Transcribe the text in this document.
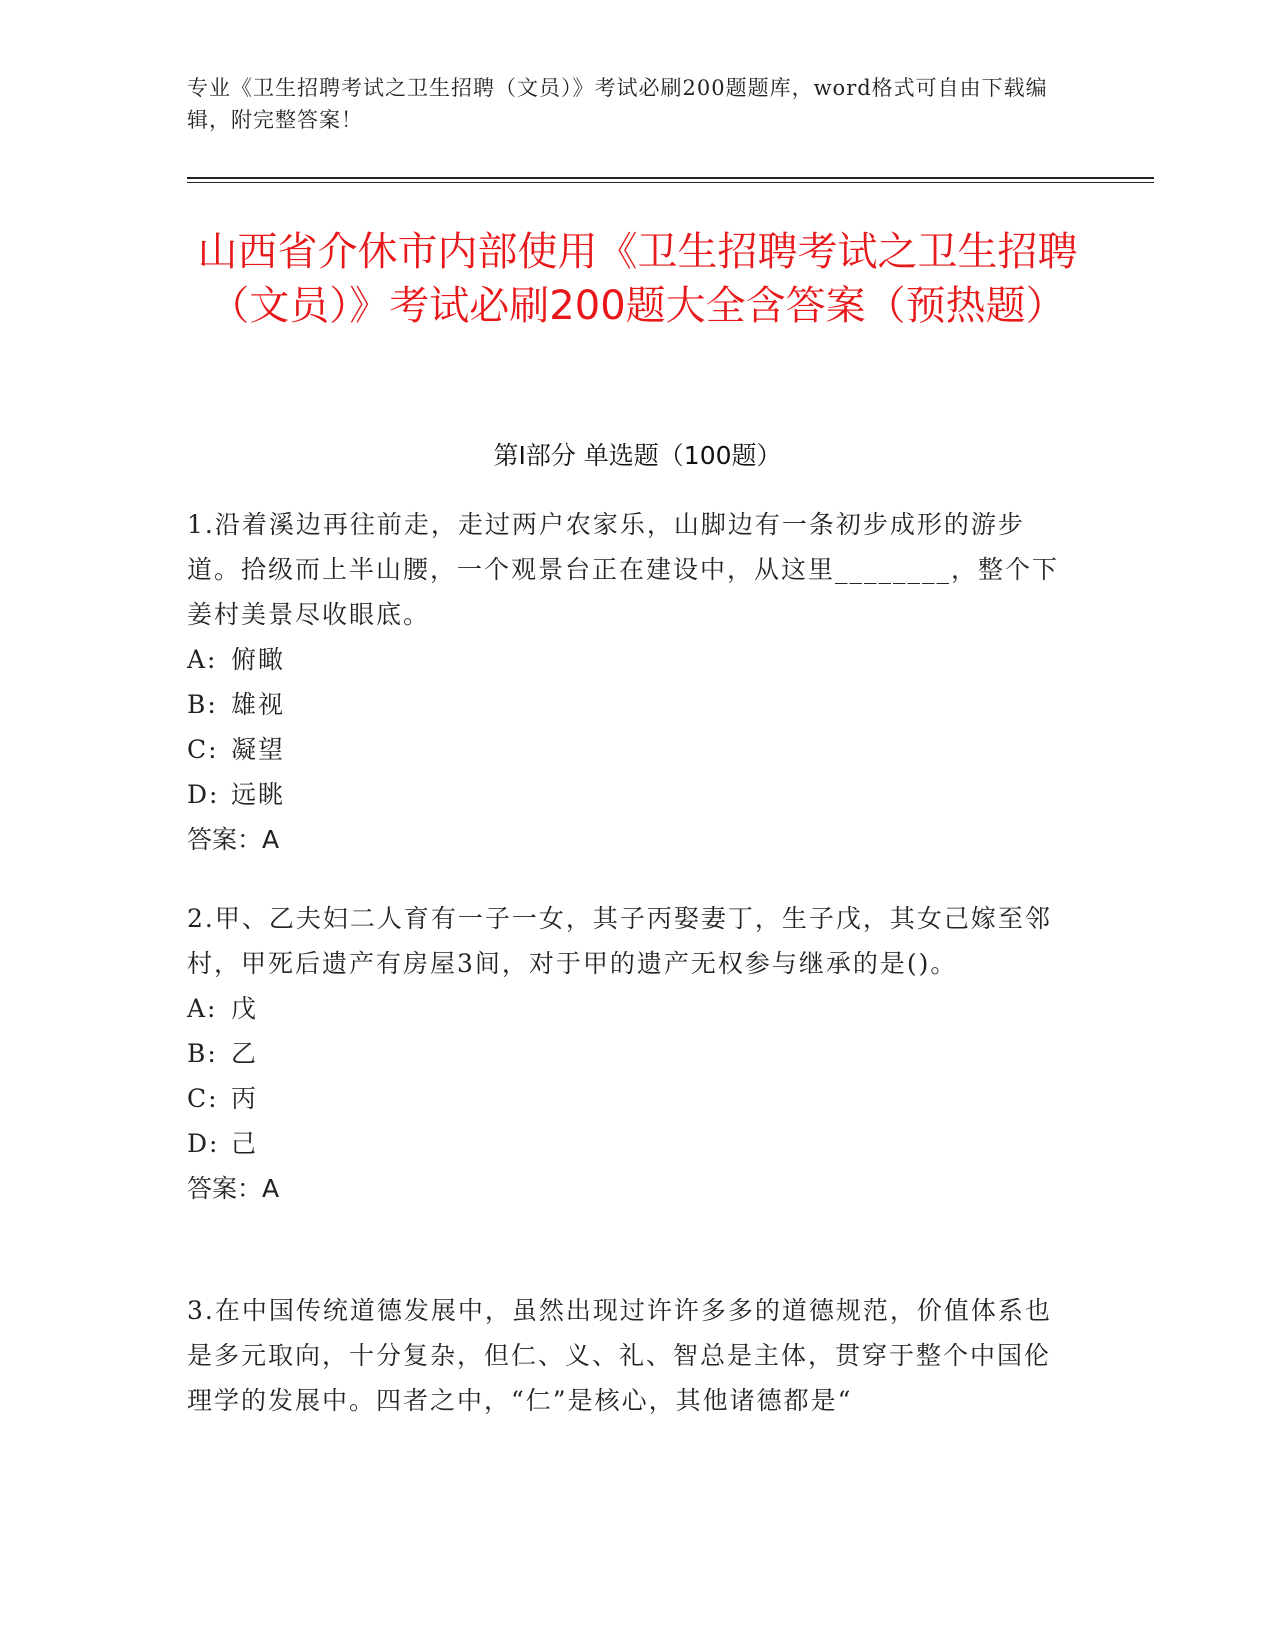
专业《卫生招聘考试之卫生招聘（文员）》考试必刷200题题库，word格式可自由下载编辑，附完整答案！
山西省介休市内部使用《卫生招聘考试之卫生招聘（文员）》考试必刷200题大全含答案（预热题）
第Ⅰ部分 单选题（100题）

1.沿着溪边再往前走，走过两户农家乐，山脚边有一条初步成形的游步道。拾级而上半山腰，一个观景台正在建设中，从这里________，整个下姜村美景尽收眼底。

A: 俯瞰
B: 雄视
C: 凝望
D: 远眺

答案：A

2.甲、乙夫妇二人育有一子一女，其子丙娶妻丁，生子戊，其女己嫁至邻村，甲死后遗产有房屋3间，对于甲的遗产无权参与继承的是()。

A: 戊
B: 乙
C: 丙
D: 己

答案：A

3.在中国传统道德发展中，虽然出现过许许多多的道德规范，价值体系也是多元取向，十分复杂，但仁、义、礼、智总是主体，贯穿于整个中国伦理学的发展中。四者之中，“仁”是核心，其他诸德都是“
